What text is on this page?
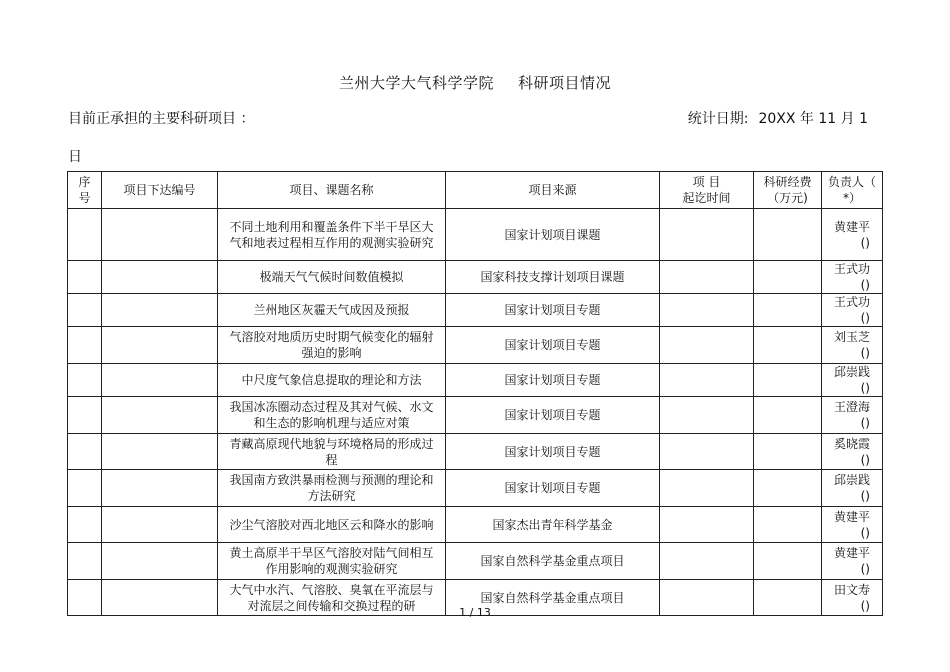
兰州大学大气科学学院 科研项目情况
目前正承担的主要科研项目 ：	统计日期: 20XX 年 11 月 1
日
序
号	项目下达编号	项目、课题名称	项目来源	项 目
起讫时间	科研经费
（万元)	负责人（ *）
		不同土地利用和覆盖条件下半干旱区大气和地表过程相互作用的观测实验研究	国家计划项目课题			黄建平 ()
		极端天气气候时间数值模拟	国家科技支撑计划项目课题			王式功 ()
		兰州地区灰霾天气成因及预报	国家计划项目专题			王式功 ()
		气溶胶对地质历史时期气候变化的辐射强迫的影响	国家计划项目专题			刘玉芝 ()
		中尺度气象信息提取的理论和方法	国家计划项目专题			邱崇践 ()
		我国冰冻圈动态过程及其对气候、水文和生态的影响机理与适应对策	国家计划项目专题			王澄海 ()
		青藏高原现代地貌与环境格局的形成过程	国家计划项目专题			奚晓霞 ()
		我国南方致洪暴雨检测与预测的理论和方法研究	国家计划项目专题			邱崇践 ()
		沙尘气溶胶对西北地区云和降水的影响	国家杰出青年科学基金			黄建平 ()
		黄土高原半干旱区气溶胶对陆气间相互作用影响的观测实验研究	国家自然科学基金重点项目			黄建平 ()
		大气中水汽、气溶胶、臭氧在平流层与对流层之间传输和交换过程的研	国家自然科学基金重点项目			田文寿 ()
1 / 13
